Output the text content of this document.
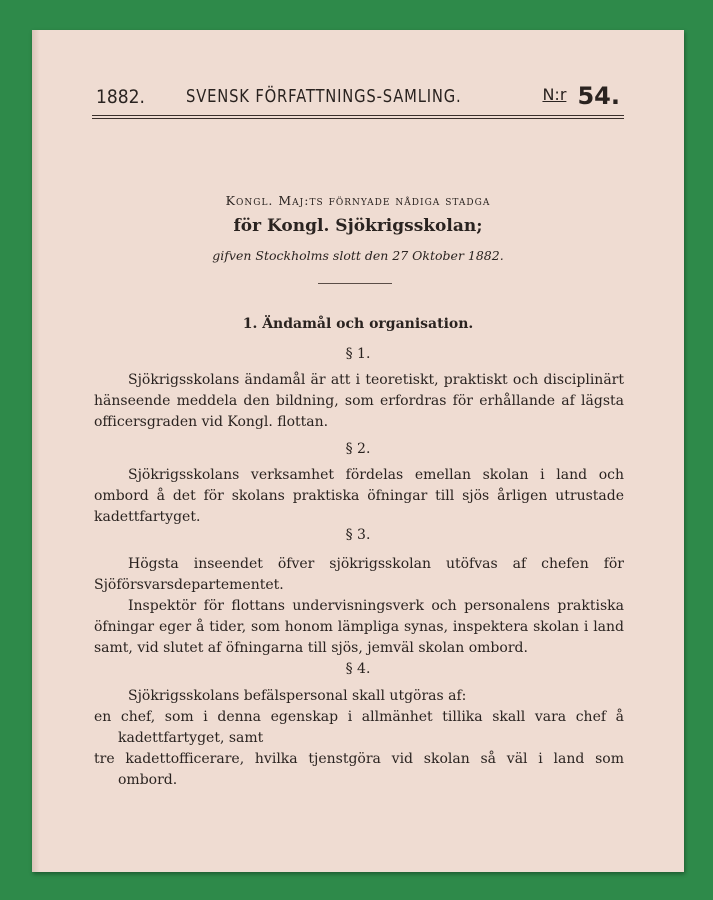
1882. SVENSK FÖRFATTNINGS-SAMLING.	N:r 54.
Kongl. Maj:ts förnyade nådiga stadga
för Kongl. Sjökrigsskolan;
gifven Stockholms slott den 27 Oktober 1882.
1. Ändamål och organisation.
§ 1.

Sjökrigsskolans ändamål är att i teoretiskt, praktiskt och disciplinärt hänseende meddela den bildning, som erfordras för erhållande af lägsta officersgraden vid Kongl. flottan.

§ 2.

Sjökrigsskolans verksamhet fördelas emellan skolan i land och ombord å det för skolans praktiska öfningar till sjös årligen utrustade kadettfartyget.

§ 3.

Högsta inseendet öfver sjökrigsskolan utöfvas af chefen för Sjöförsvarsdepartementet.

Inspektör för flottans undervisningsverk och personalens praktiska öfningar eger å tider, som honom lämpliga synas, inspektera skolan i land samt, vid slutet af öfningarna till sjös, jemväl skolan ombord.

§ 4.

Sjökrigsskolans befälspersonal skall utgöras af:

en chef, som i denna egenskap i allmänhet tillika skall vara chef å kadettfartyget, samt

tre kadettofficerare, hvilka tjenstgöra vid skolan så väl i land som ombord.
